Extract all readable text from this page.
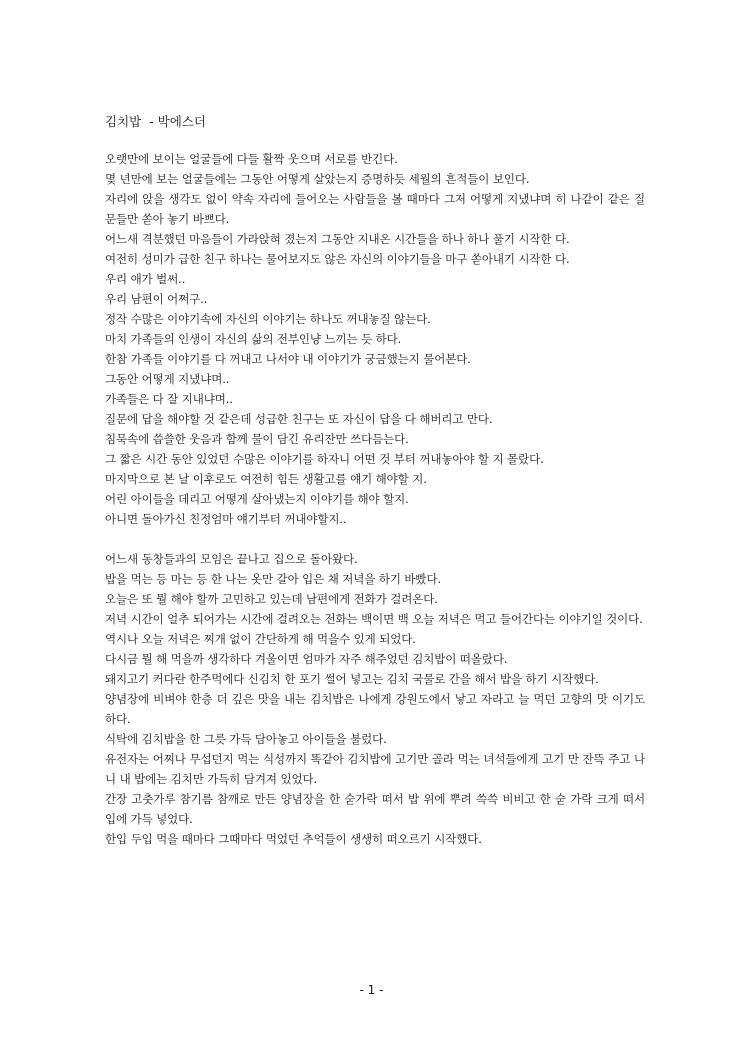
김치밥  - 박에스더

오랫만에 보이는 얼굴들에 다들 활짝 웃으며 서로를 반긴다.

몇 년만에 보는 얼굴들에는 그동안 어떻게 살았는지 증명하듯 세월의 흔적들이 보인다.

자리에 앉을 생각도 없이 약속 자리에 들어오는 사람들을 볼 때마다 그저 어떻게 지냈냐며 히 나같이 같은 질문들만 쏟아 놓기 바쁘다.

어느새 격분했던 마음들이 가라앉혀 졌는지 그동안 지내온 시간들을 하나 하나 풀기 시작한 다.

여전히 성미가 급한 친구 하나는 물어보지도 않은 자신의 이야기들을 마구 쏟아내기 시작한 다.

우리 애가 벌써..

우리 남편이 어쩌구..

정작 수많은 이야기속에 자신의 이야기는 하나도 꺼내놓질 않는다.

마치 가족들의 인생이 자신의 삶의 전부인냥 느끼는 듯 하다.

한참 가족들 이야기를 다 꺼내고 나서야 내 이야기가 궁금했는지 물어본다.

그동안 어떻게 지냈냐며..

가족들은 다 잘 지내냐며..

질문에 답을 해야할 것 같은데 성급한 친구는 또 자신이 답을 다 해버리고 만다.

침묵속에 씁쓸한 웃음과 함께 물이 담긴 유리잔만 쓰다듬는다.

그 짧은 시간 동안 있었던 수많은 이야기를 하자니 어떤 것 부터 꺼내놓아야 할 지 몰랐다.

마지막으로 본 날 이후로도 여전히 힘든 생활고를 얘기 해야할 지.

어린 아이들을 데리고 어떻게 살아냈는지 이야기를 해야 할지.

아니면 돌아가신 친정엄마 얘기부터 꺼내야할지..

어느새 동창들과의 모임은 끝나고 집으로 돌아왔다.

밥을 먹는 등 마는 등 한 나는 옷만 갈아 입은 채 저녁을 하기 바빴다.

오늘은 또 뭘 해야 할까 고민하고 있는데 남편에게 전화가 걸려온다.

저녁 시간이 얼추 되어가는 시간에 걸려오는 전화는 백이면 백 오늘 저녁은 먹고 들어간다는 이야기일 것이다.

역시나 오늘 저녁은 찌개 없이 간단하게 해 먹을수 있게 되었다.

다시금 뭘 해 먹을까 생각하다 겨울이면 엄마가 자주 해주었던 김치밥이 떠올랐다.

돼지고기 커다란 한주먹에다 신김치 한 포기 썰어 넣고는 김치 국물로 간을 해서 밥을 하기 시작했다.

양념장에 비벼야 한층 더 깊은 맛을 내는 김치밥은 나에게 강원도에서 낳고 자라고 늘 먹던 고향의 맛 이기도 하다.

식탁에 김치밥을 한 그릇 가득 담아놓고 아이들을 불렀다.

유전자는 어찌나 무섭던지 먹는 식성까지 똑같아 김치밥에 고기만 골라 먹는 녀석들에게 고기 만 잔뜩 주고 나니 내 밥에는 김치만 가득히 담겨져 있었다.

간장 고춧가루 참기름 참깨로 만든 양념장을 한 숟가락 떠서 밥 위에 뿌려 쓱쓱 비비고 한 숟 가락 크게 떠서 입에 가득 넣었다.

한입 두입 먹을 때마다 그때마다 먹었던 추억들이 생생히 떠오르기 시작했다.

- 1 -
